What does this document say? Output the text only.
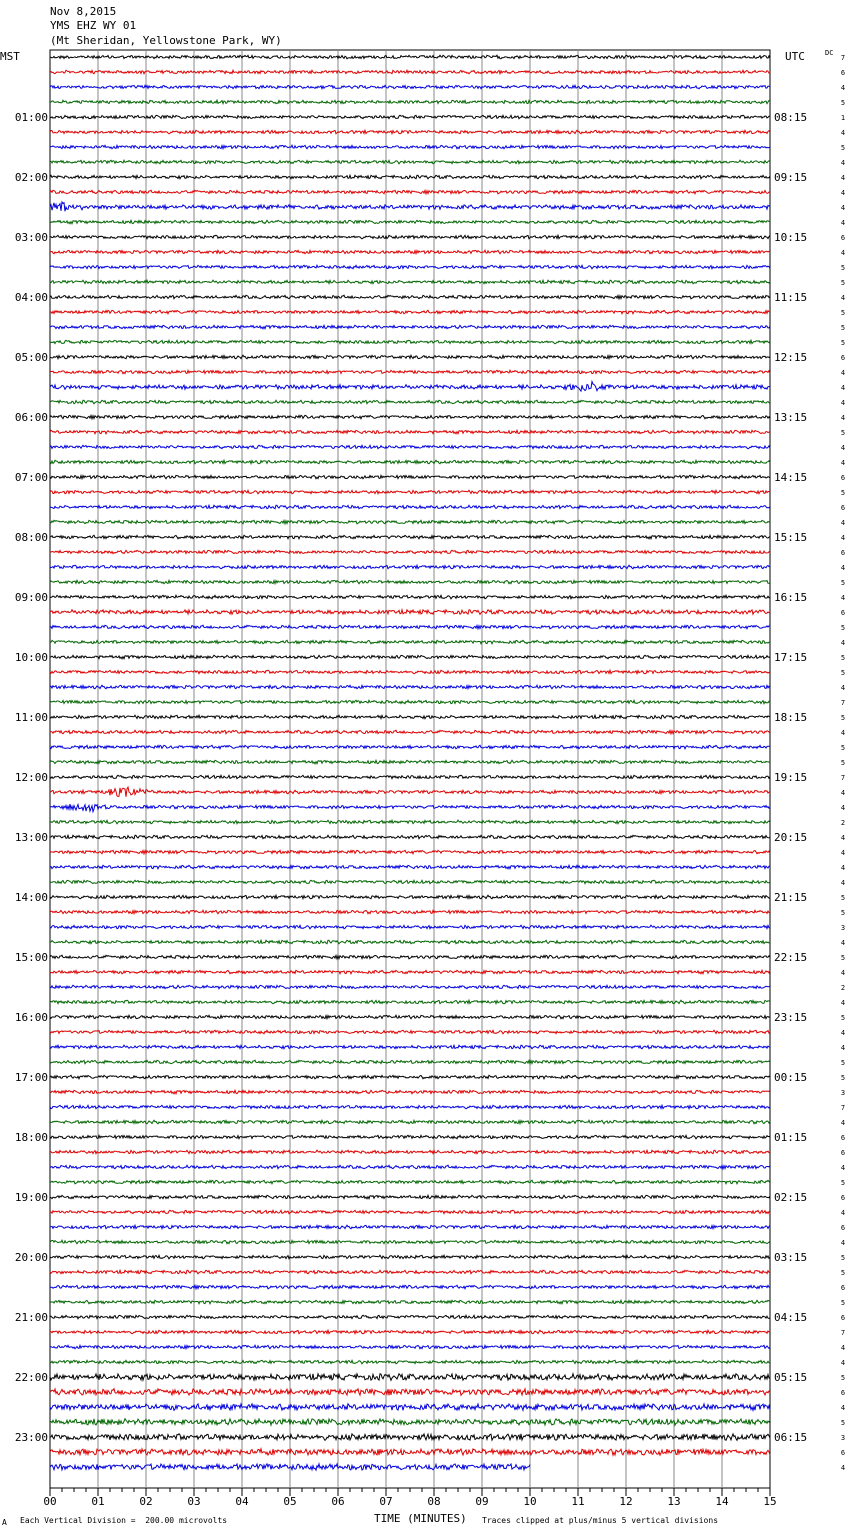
Nov 8,2015
YMS EHZ WY 01
(Mt Sheridan, Yellowstone Park, WY)
MST	UTC	DC
00	01	02	03	04	05	06	07	08	09	10	11	12	13	14	15
7
6
4
5
1
4
5
4
4
4
4
4
6
4
5
5
4
5
5
5
6
4
4
4
4
5
4
4
6
5
6
4
4
6
4
5
4
6
5
4
5
5
4
7
5
4
5
5
7
4
4
2
4
4
4
4
5
5
3
4
5
4
2
4
5
4
4
5
5
3
7
4
6
6
4
5
6
4
6
4
5
5
6
5
6
7
4
4
5
6
4
5
3
6
4
01:00
02:00
03:00
04:00
05:00
06:00
07:00
08:00
09:00
10:00
11:00
12:00
13:00
14:00
15:00
16:00
17:00
18:00
19:00
20:00
21:00
22:00
23:00
08:15
09:15
10:15
11:15
12:15
13:15
14:15
15:15
16:15
17:15
18:15
19:15
20:15
21:15
22:15
23:15
00:15
01:15
02:15
03:15
04:15
05:15
06:15
A Each Vertical Division =  200.00 microvolts	TIME (MINUTES) Traces clipped at plus/minus 5 vertical divisions
